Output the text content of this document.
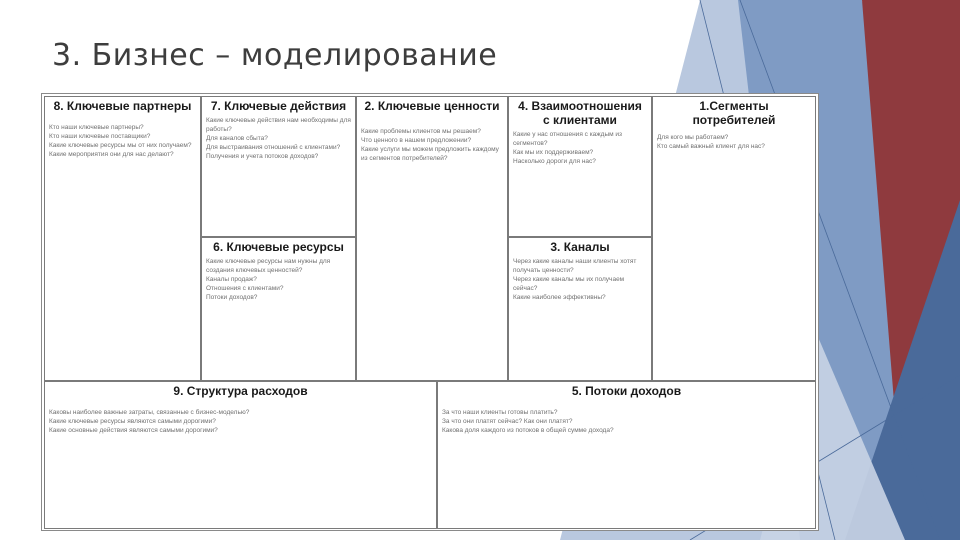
3. Бизнес – моделирование
8. Ключевые партнеры

Кто наши ключевые партнеры?

Кто наши ключевые поставщики?

Какие ключевые ресурсы мы от них получаем?

Какие мероприятия они для нас делают?

7. Ключевые действия

Какие ключевые действия нам необходимы для работы?

Для каналов сбыта?

Для выстраивания отношений с клиентами?

Получения и учета потоков доходов?

6. Ключевые ресурсы

Какие ключевые ресурсы нам нужны для создания ключевых ценностей?

Каналы продаж?

Отношения с клиентами?

Потоки доходов?

2. Ключевые ценности

Какие проблемы клиентов мы решаем?

Что ценного в нашем предложении?

Какие услуги мы можем предложить каждому из сегментов потребителей?

4. Взаимоотношения
с клиентами

Какие у нас отношения с каждым из сегментов?

Как мы их поддерживаем?

Насколько дороги для нас?

3. Каналы

Через какие каналы наши клиенты хотят получать ценности?

Через какие каналы мы их получаем сейчас?

Какие наиболее эффективны?

1.Сегменты
потребителей

Для кого мы работаем?

Кто самый важный клиент для нас?

9. Структура расходов

Каковы наиболее важные затраты, связанные с бизнес-моделью?

Какие ключевые ресурсы являются самыми дорогими?

Какие основные действия являются самыми дорогими?

5. Потоки доходов

За что наши клиенты готовы платить?

За что они платят сейчас? Как они платят?

Какова доля каждого из потоков в общей сумме дохода?
